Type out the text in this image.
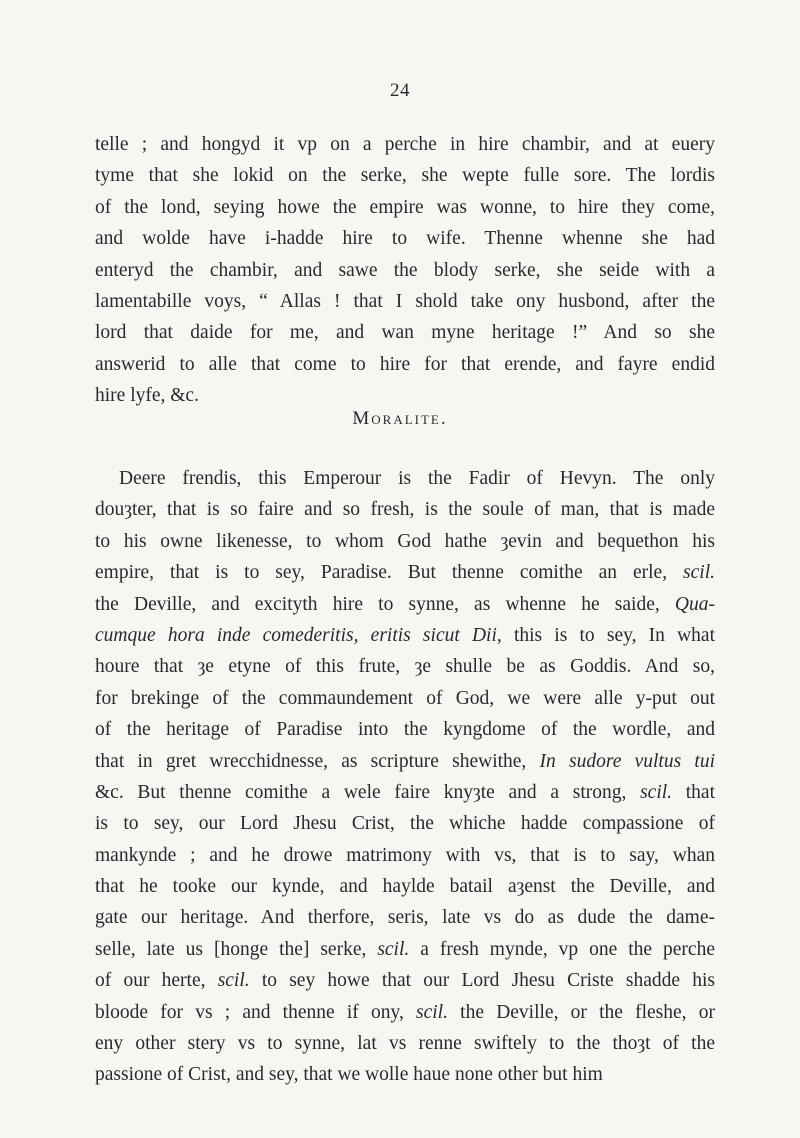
24
telle ; and hongyd it vp on a perche in hire chambir, and at euery
tyme that she lokid on the serke, she wepte fulle sore. The lordis
of the lond, seying howe the empire was wonne, to hire they come,
and wolde have i-hadde hire to wife. Thenne whenne she had
enteryd the chambir, and sawe the blody serke, she seide with a
lamentabille voys, “ Allas ! that I shold take ony husbond, after the
lord that daide for me, and wan myne heritage !” And so she
answerid to alle that come to hire for that erende, and fayre endid
hire lyfe, &c.
Moralite.
Deere frendis, this Emperour is the Fadir of Hevyn. The only
douȝter, that is so faire and so fresh, is the soule of man, that is made
to his owne likenesse, to whom God hathe ȝevin and bequethon his
empire, that is to sey, Paradise. But thenne comithe an erle, scil.
the Deville, and excityth hire to synne, as whenne he saide, Qua-
cumque hora inde comederitis, eritis sicut Dii, this is to sey, In what
houre that ȝe etyne of this frute, ȝe shulle be as Goddis. And so,
for brekinge of the commaundement of God, we were alle y-put out
of the heritage of Paradise into the kyngdome of the wordle, and
that in gret wrecchidnesse, as scripture shewithe, In sudore vultus tui
&c. But thenne comithe a wele faire knyȝte and a strong, scil. that
is to sey, our Lord Jhesu Crist, the whiche hadde compassione of
mankynde ; and he drowe matrimony with vs, that is to say, whan
that he tooke our kynde, and haylde batail aȝenst the Deville, and
gate our heritage. And therfore, seris, late vs do as dude the dame-
selle, late us [honge the] serke, scil. a fresh mynde, vp one the perche
of our herte, scil. to sey howe that our Lord Jhesu Criste shadde his
bloode for vs ; and thenne if ony, scil. the Deville, or the fleshe, or
eny other stery vs to synne, lat vs renne swiftely to the thoȝt of the
passione of Crist, and sey, that we wolle haue none other but him
